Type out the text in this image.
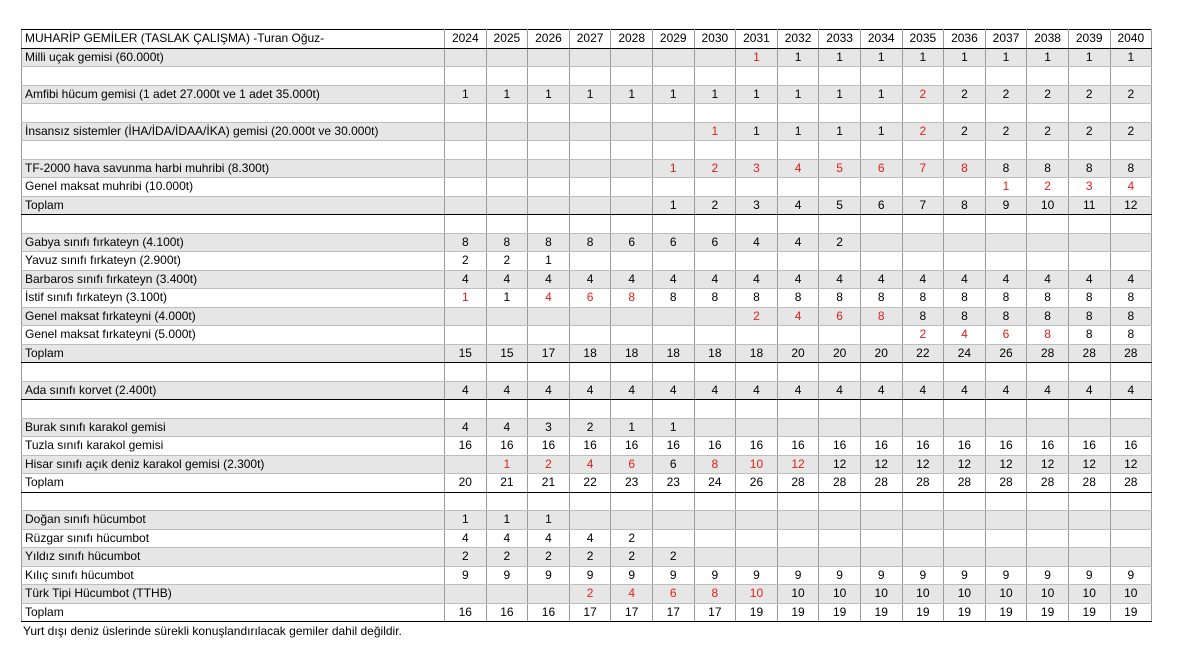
MUHARİP GEMİLER (TASLAK ÇALIŞMA) -Turan Oğuz-	2024	2025	2026	2027	2028	2029	2030	2031	2032	2033	2034	2035	2036	2037	2038	2039	2040
Milli uçak gemisi (60.000t)								1	1	1	1	1	1	1	1	1	1

Amfibi hücum gemisi (1 adet 27.000t ve 1 adet 35.000t)	1	1	1	1	1	1	1	1	1	1	1	2	2	2	2	2	2

İnsansız sistemler (İHA/İDA/İDAA/İKA) gemisi (20.000t ve 30.000t)							1	1	1	1	1	2	2	2	2	2	2

TF-2000 hava savunma harbi muhribi (8.300t)						1	2	3	4	5	6	7	8	8	8	8	8
Genel maksat muhribi (10.000t)														1	2	3	4
Toplam						1	2	3	4	5	6	7	8	9	10	11	12

Gabya sınıfı fırkateyn (4.100t)	8	8	8	8	6	6	6	4	4	2							
Yavuz sınıfı fırkateyn (2.900t)	2	2	1														
Barbaros sınıfı fırkateyn (3.400t)	4	4	4	4	4	4	4	4	4	4	4	4	4	4	4	4	4
İstif sınıfı fırkateyn (3.100t)	1	1	4	6	8	8	8	8	8	8	8	8	8	8	8	8	8
Genel maksat fırkateyni (4.000t)								2	4	6	8	8	8	8	8	8	8
Genel maksat fırkateyni (5.000t)												2	4	6	8	8	8
Toplam	15	15	17	18	18	18	18	18	20	20	20	22	24	26	28	28	28

Ada sınıfı korvet (2.400t)	4	4	4	4	4	4	4	4	4	4	4	4	4	4	4	4	4

Burak sınıfı karakol gemisi	4	4	3	2	1	1											
Tuzla sınıfı karakol gemisi	16	16	16	16	16	16	16	16	16	16	16	16	16	16	16	16	16
Hisar sınıfı açık deniz karakol gemisi (2.300t)		1	2	4	6	6	8	10	12	12	12	12	12	12	12	12	12
Toplam	20	21	21	22	23	23	24	26	28	28	28	28	28	28	28	28	28

Doğan sınıfı hücumbot	1	1	1														
Rüzgar sınıfı hücumbot	4	4	4	4	2												
Yıldız sınıfı hücumbot	2	2	2	2	2	2											
Kılıç sınıfı hücumbot	9	9	9	9	9	9	9	9	9	9	9	9	9	9	9	9	9
Türk Tipi Hücumbot (TTHB)				2	4	6	8	10	10	10	10	10	10	10	10	10	10
Toplam	16	16	16	17	17	17	17	19	19	19	19	19	19	19	19	19	19
Yurt dışı deniz üslerinde sürekli konuşlandırılacak gemiler dahil değildir.
